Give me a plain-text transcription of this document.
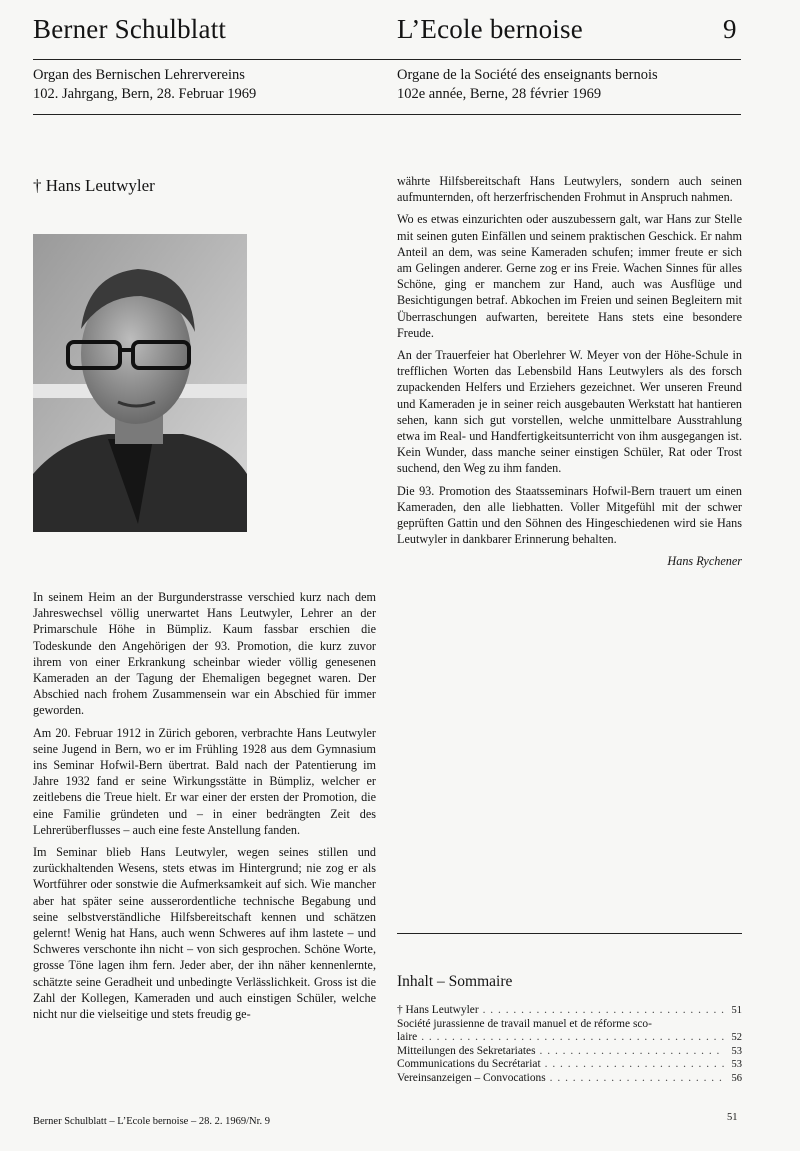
Berner Schulblatt	L’Ecole bernoise	9
Organ des Bernischen Lehrervereins
102. Jahrgang, Bern, 28. Februar 1969
Organe de la Société des enseignants bernois
102e année, Berne, 28 février 1969
† Hans Leutwyler

In seinem Heim an der Burgunderstrasse verschied kurz nach dem Jahreswechsel völlig unerwartet Hans Leutwyler, Lehrer an der Primarschule Höhe in Bümpliz. Kaum fassbar erschien die Todeskunde den Angehörigen der 93. Promotion, die kurz zuvor ihrem von einer Erkrankung scheinbar wieder völlig genesenen Kameraden an der Tagung der Ehemaligen begegnet waren. Der Abschied nach frohem Zusammensein war ein Abschied für immer geworden.

Am 20. Februar 1912 in Zürich geboren, verbrachte Hans Leutwyler seine Jugend in Bern, wo er im Frühling 1928 aus dem Gymnasium ins Seminar Hofwil-Bern übertrat. Bald nach der Patentierung im Jahre 1932 fand er seine Wirkungsstätte in Bümpliz, welcher er zeitlebens die Treue hielt. Er war einer der ersten der Promotion, die eine Familie gründeten und – in einer bedrängten Zeit des Lehrerüberflusses – auch eine feste Anstellung fanden.

Im Seminar blieb Hans Leutwyler, wegen seines stillen und zurückhaltenden Wesens, stets etwas im Hintergrund; nie zog er als Wortführer oder sonstwie die Aufmerksamkeit auf sich. Wie mancher aber hat später seine ausserordentliche technische Begabung und seine selbstverständliche Hilfsbereitschaft kennen und schätzen gelernt! Wenig hat Hans, auch wenn Schweres auf ihm lastete – und Schweres verschonte ihn nicht – von sich gesprochen. Schöne Worte, grosse Töne lagen ihm fern. Jeder aber, der ihn näher kennenlernte, schätzte seine Geradheit und unbedingte Verlässlichkeit. Gross ist die Zahl der Kollegen, Kameraden und auch einstigen Schüler, welche nicht nur die vielseitige und stets freudig ge-

währte Hilfsbereitschaft Hans Leutwylers, sondern auch seinen aufmunternden, oft herzerfrischenden Frohmut in Anspruch nahmen.

Wo es etwas einzurichten oder auszubessern galt, war Hans zur Stelle mit seinen guten Einfällen und seinem praktischen Geschick. Er nahm Anteil an dem, was seine Kameraden schufen; immer freute er sich am Gelingen anderer. Gerne zog er ins Freie. Wachen Sinnes für alles Schöne, ging er manchem zur Hand, auch was Ausflüge und Besichtigungen betraf. Abkochen im Freien und seinen Begleitern mit Überraschungen aufwarten, bereitete Hans stets eine besondere Freude.

An der Trauerfeier hat Oberlehrer W. Meyer von der Höhe-Schule in trefflichen Worten das Lebensbild Hans Leutwylers als des forsch zupackenden Helfers und Erziehers gezeichnet. Wer unseren Freund und Kameraden je in seiner reich ausgebauten Werkstatt hat hantieren sehen, kann sich gut vorstellen, welche unmittelbare Ausstrahlung etwa im Real- und Handfertigkeitsunterricht von ihm ausgegangen ist. Kein Wunder, dass manche seiner einstigen Schüler, Rat oder Trost suchend, den Weg zu ihm fanden.

Die 93. Promotion des Staatsseminars Hofwil-Bern trauert um einen Kameraden, den alle liebhatten. Voller Mitgefühl mit der schwer geprüften Gattin und den Söhnen des Hingeschiedenen wird sie Hans Leutwyler in dankbarer Erinnerung behalten.

Hans Rychener
Inhalt – Sommaire
† Hans Leutwyler . . .	51
Société jurassienne de travail manuel et de réforme sco-
laire . . .	52
Mitteilungen des Sekretariates . . .	53
Communications du Secrétariat . . .	53
Vereinsanzeigen – Convocations . . .	56
Berner Schulblatt – L’Ecole bernoise – 28. 2. 1969/Nr. 9	51
